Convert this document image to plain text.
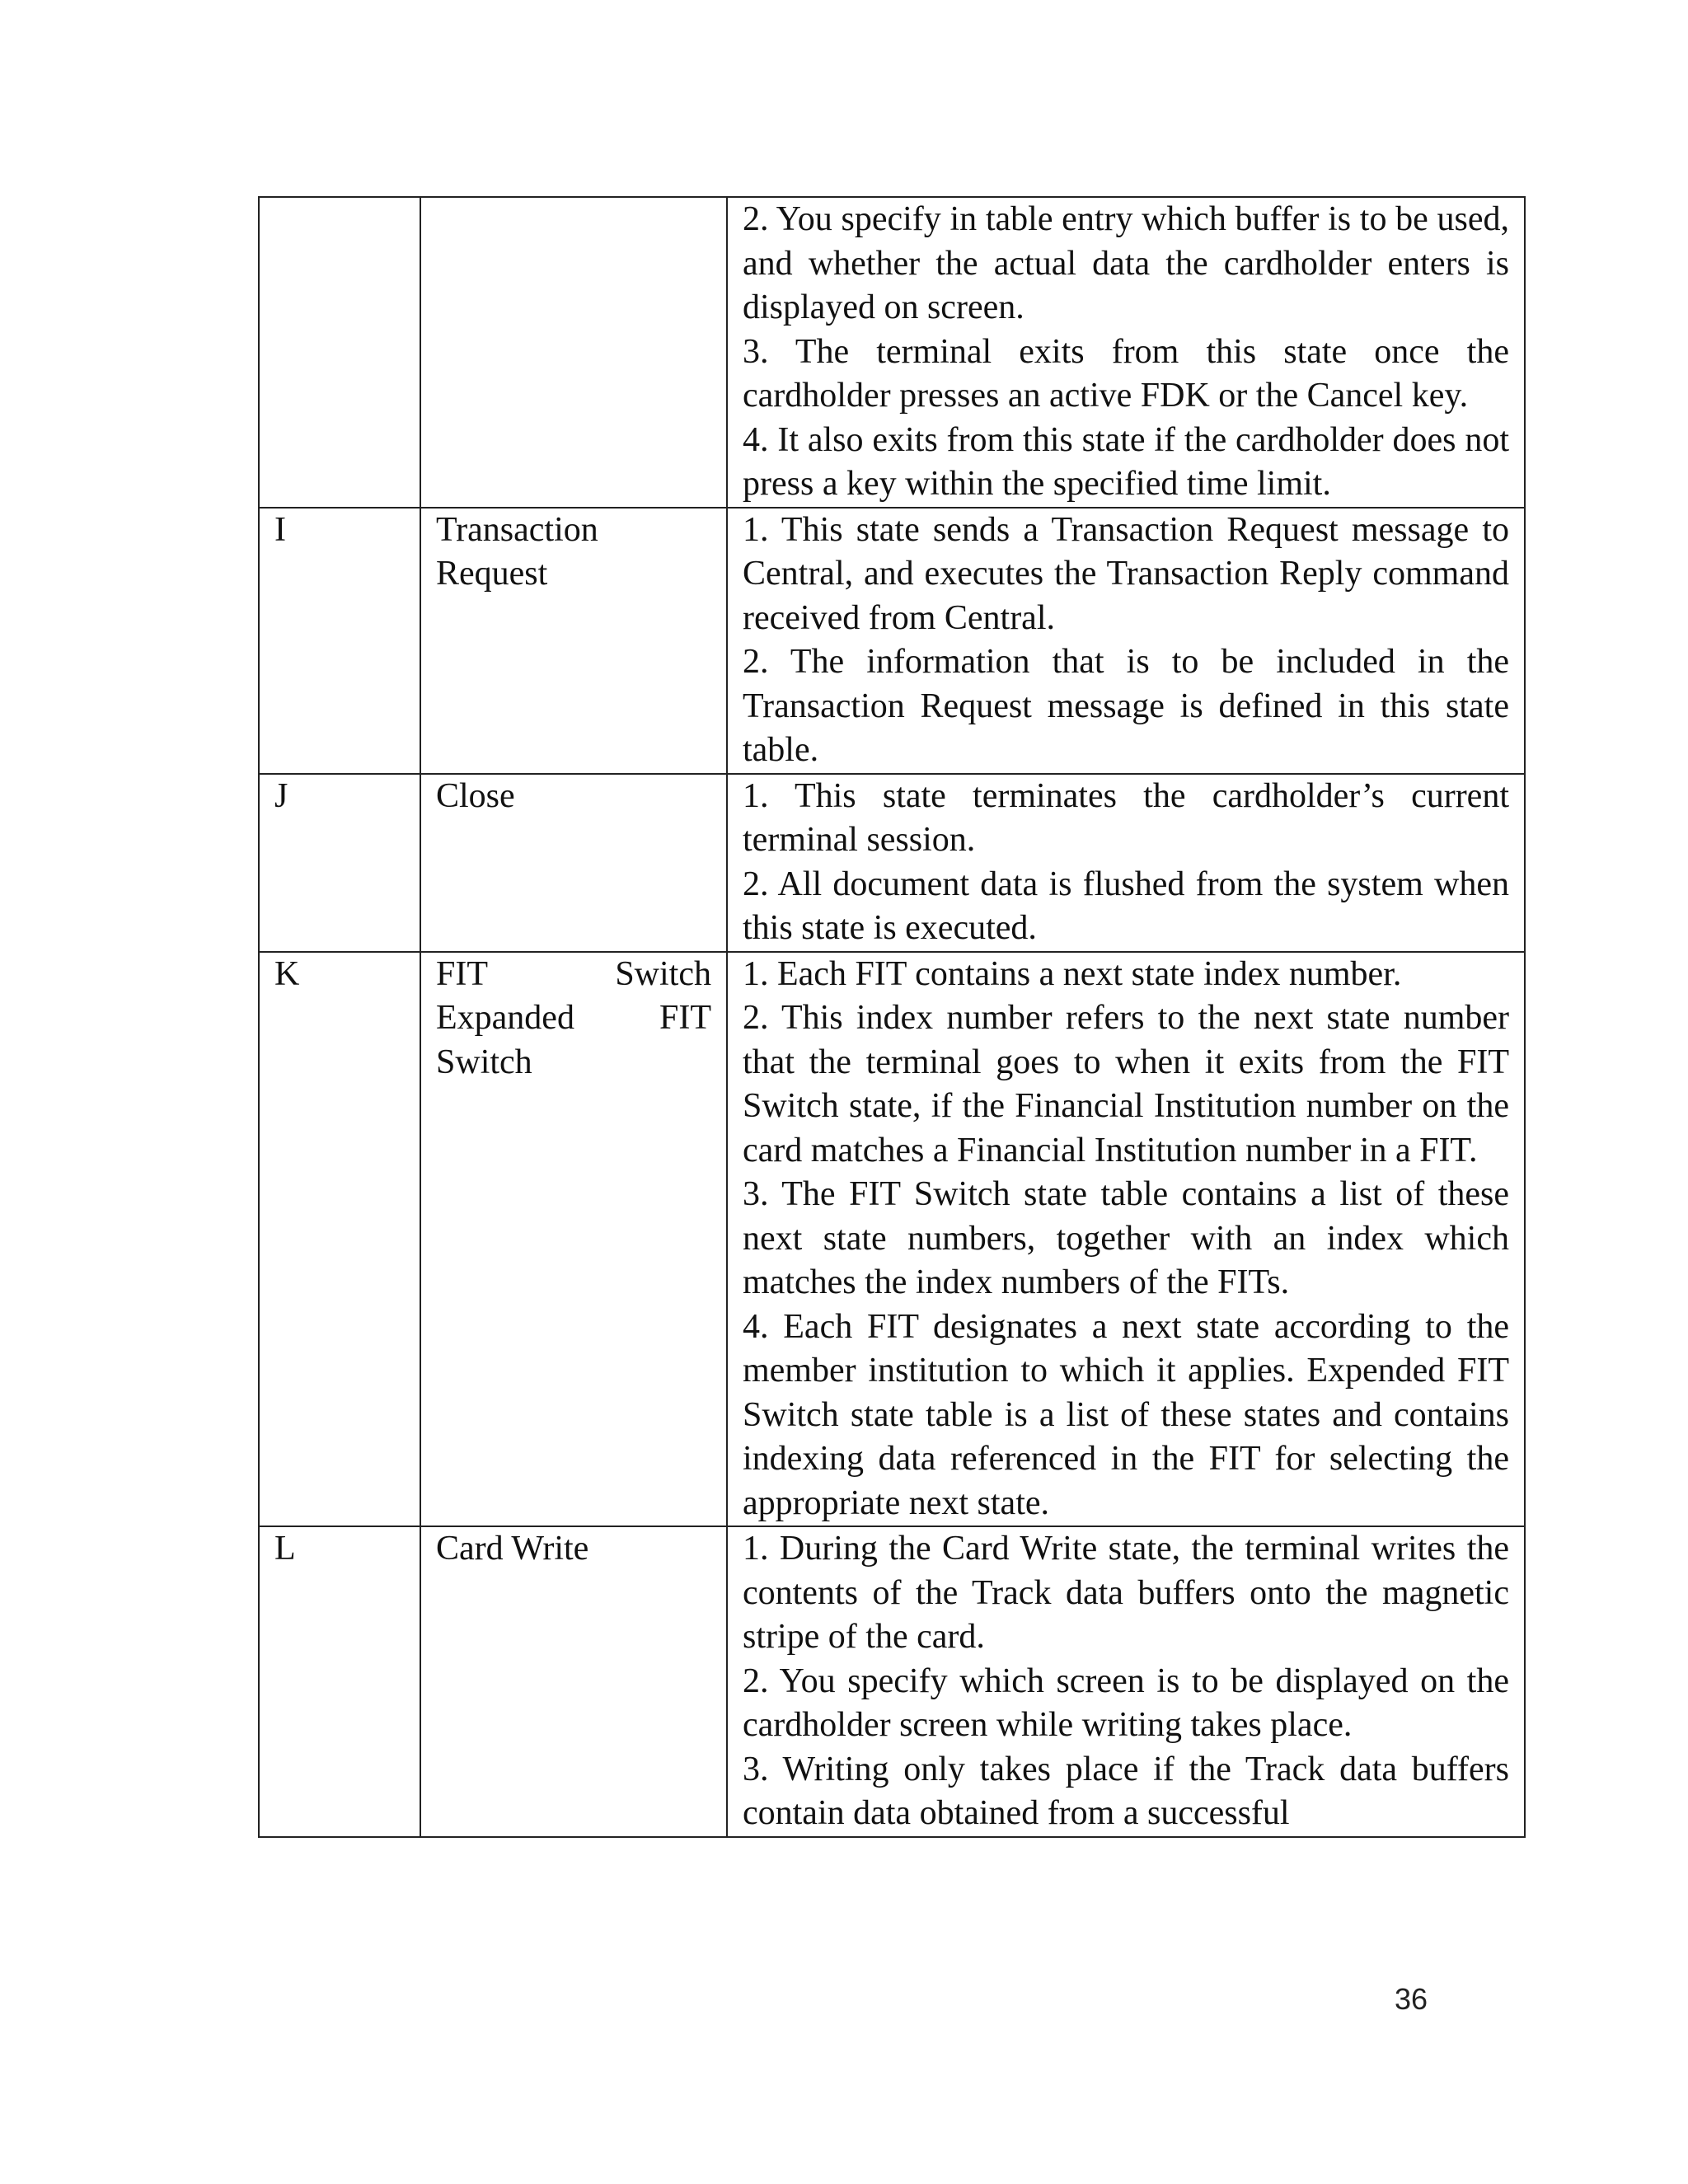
		2. You specify in table entry which buffer is to be used, and whether the actual data the cardholder enters is displayed on screen.

3. The terminal exits from this state once the cardholder presses an active FDK or the Cancel key.

4. It also exits from this state if the cardholder does not press a key within the specified time limit.

I	Transaction Request	1. This state sends a Transaction Request message to Central, and executes the Transaction Reply command received from Central.

2. The information that is to be included in the Transaction Request message is defined in this state table.

J	Close	1. This state terminates the cardholder’s current terminal session.

2. All document data is flushed from the system when this state is executed.

K	FIT Switch Expanded FIT Switch	1. Each FIT contains a next state index number.

2. This index number refers to the next state number that the terminal goes to when it exits from the FIT Switch state, if the Financial Institution number on the card matches a Financial Institution number in a FIT.

3. The FIT Switch state table contains a list of these next state numbers, together with an index which matches the index numbers of the FITs.

4. Each FIT designates a next state according to the member institution to which it applies. Expended FIT Switch state table is a list of these states and contains indexing data referenced in the FIT for selecting the appropriate next state.

L	Card Write	1. During the Card Write state, the terminal writes the contents of the Track data buffers onto the magnetic stripe of the card.

2. You specify which screen is to be displayed on the cardholder screen while writing takes place.

3. Writing only takes place if the Track data buffers contain data obtained from a successful

36
